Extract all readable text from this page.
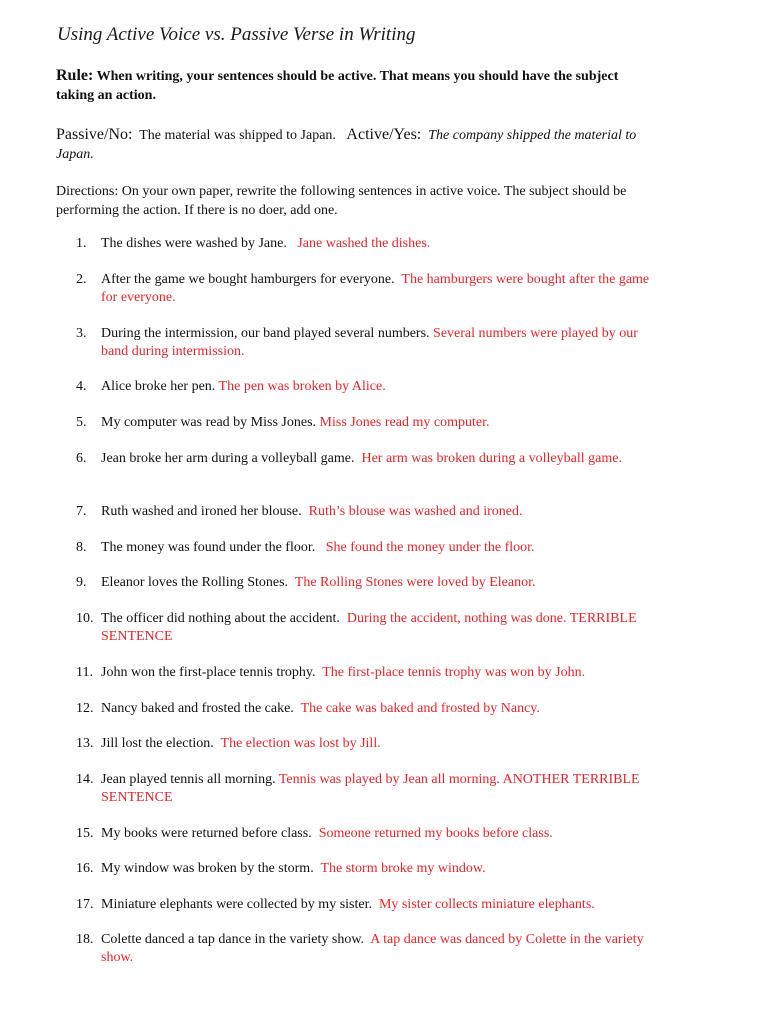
Using Active Voice vs. Passive Verse in Writing

Rule: When writing, your sentences should be active. That means you should have the subject taking an action.

Passive/No: The material was shipped to Japan. Active/Yes: The company shipped the material to Japan.

Directions: On your own paper, rewrite the following sentences in active voice. The subject should be performing the action. If there is no doer, add one.

1.	The dishes were washed by Jane. Jane washed the dishes.
2.	After the game we bought hamburgers for everyone. The hamburgers were bought after the game for everyone.
3.	During the intermission, our band played several numbers. Several numbers were played by our band during intermission.
4.	Alice broke her pen. The pen was broken by Alice.
5.	My computer was read by Miss Jones. Miss Jones read my computer.
6.	Jean broke her arm during a volleyball game. Her arm was broken during a volleyball game.
7.	Ruth washed and ironed her blouse. Ruth’s blouse was washed and ironed.
8.	The money was found under the floor. She found the money under the floor.
9.	Eleanor loves the Rolling Stones. The Rolling Stones were loved by Eleanor.
10. The officer did nothing about the accident. During the accident, nothing was done. TERRIBLE SENTENCE
11. John won the first-place tennis trophy. The first-place tennis trophy was won by John.
12. Nancy baked and frosted the cake. The cake was baked and frosted by Nancy.
13. Jill lost the election. The election was lost by Jill.
14. Jean played tennis all morning. Tennis was played by Jean all morning. ANOTHER TERRIBLE SENTENCE
15. My books were returned before class. Someone returned my books before class.
16. My window was broken by the storm. The storm broke my window.
17. Miniature elephants were collected by my sister. My sister collects miniature elephants.
18. Colette danced a tap dance in the variety show. A tap dance was danced by Colette in the variety show.
